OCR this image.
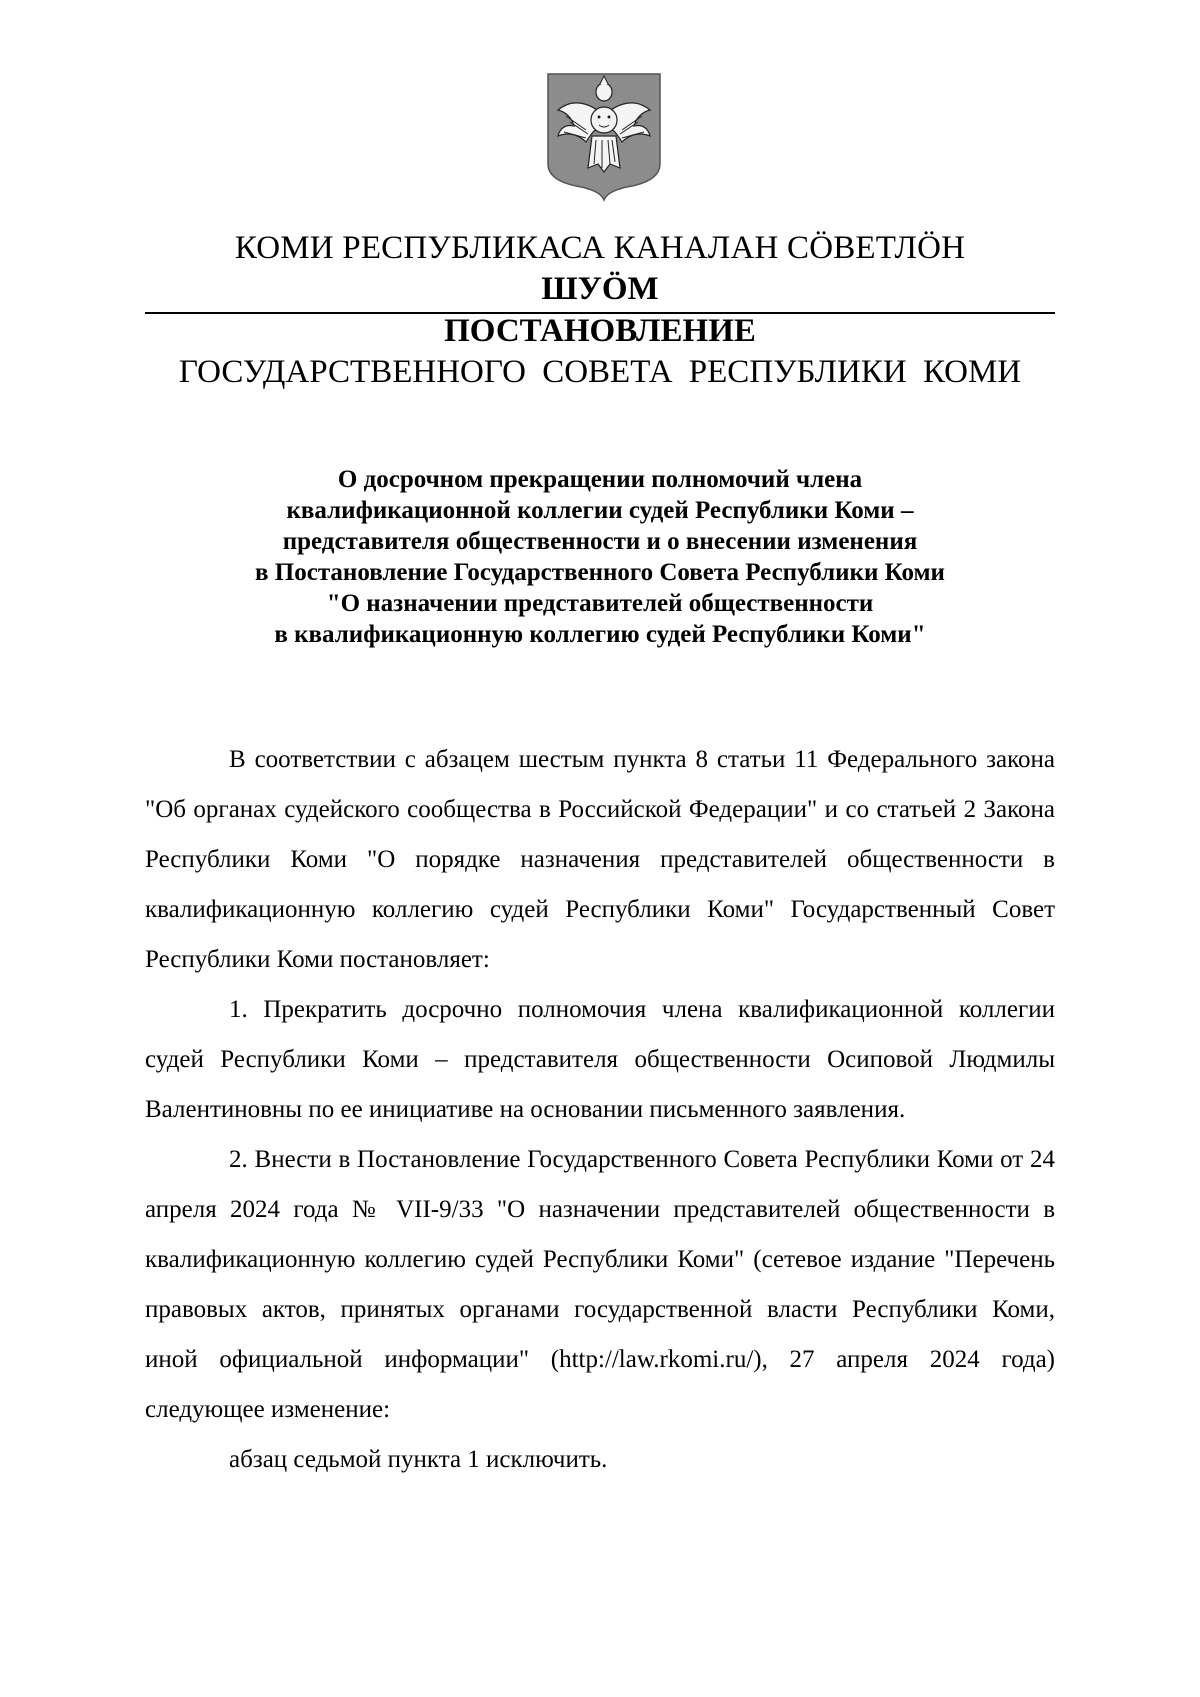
КОМИ РЕСПУБЛИКАСА КАНАЛАН СӦВЕТЛӦН
ШУӦМ
ПОСТАНОВЛЕНИЕ
ГОСУДАРСТВЕННОГО СОВЕТА РЕСПУБЛИКИ КОМИ
О досрочном прекращении полномочий члена
квалификационной коллегии судей Республики Коми –
представителя общественности и о внесении изменения
в Постановление Государственного Совета Республики Коми
"О назначении представителей общественности
в квалификационную коллегию судей Республики Коми"

В соответствии с абзацем шестым пункта 8 статьи 11 Федерального закона "Об органах судейского сообщества в Российской Федерации" и со статьей 2 Закона Республики Коми "О порядке назначения представителей общественности в квалификационную коллегию судей Республики Коми" Государственный Совет Республики Коми постановляет:

1. Прекратить досрочно полномочия члена квалификационной коллегии судей Республики Коми – представителя общественности Осиповой Людмилы Валентиновны по ее инициативе на основании письменного заявления.

2. Внести в Постановление Государственного Совета Республики Коми от 24 апреля 2024 года № VII-9/33 "О назначении представителей общественности в квалификационную коллегию судей Республики Коми" (сетевое издание "Перечень правовых актов, принятых органами государственной власти Республики Коми, иной официальной информации" (http://law.rkomi.ru/), 27 апреля 2024 года) следующее изменение:

абзац седьмой пункта 1 исключить.
